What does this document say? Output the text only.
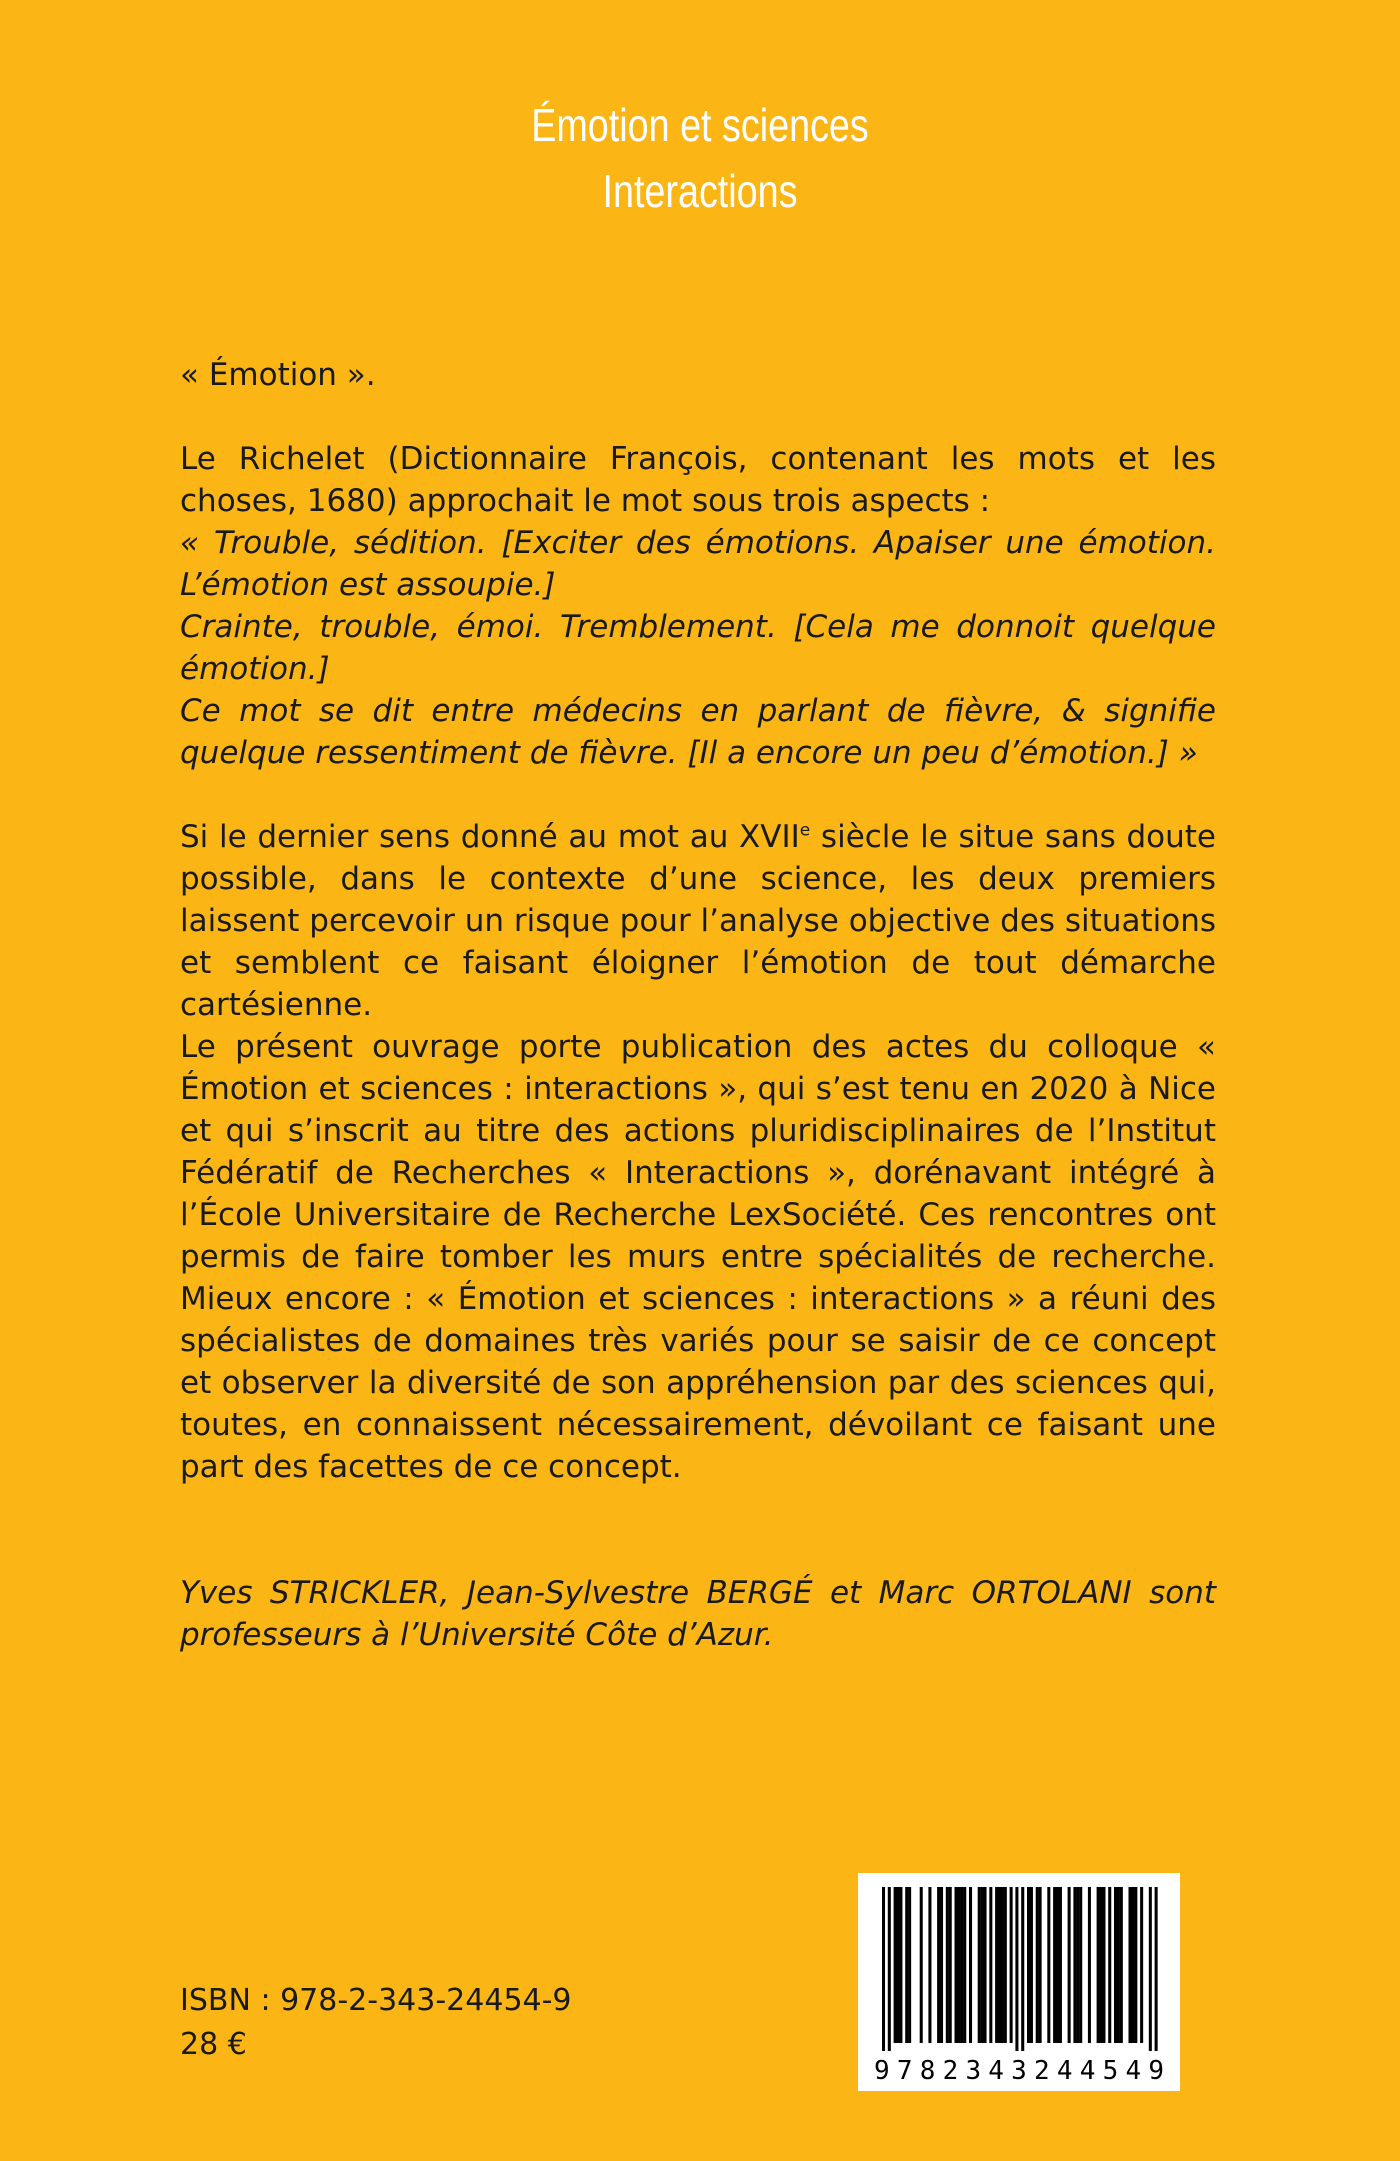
Émotion et sciences
Interactions

« Émotion ».

Le Richelet (Dictionnaire François, contenant les mots et les choses, 1680) approchait le mot sous trois aspects :

« Trouble, sédition. [Exciter des émotions. Apaiser une émotion.
L’émotion est assoupie.]
Crainte, trouble, émoi. Tremblement. [Cela me donnoit quelque émotion.]
Ce mot se dit entre médecins en parlant de fièvre, & signifie quelque ressentiment de fièvre. [Il a encore un peu d’émotion.] »

Si le dernier sens donné au mot au XVIIe siècle le situe sans doute possible, dans le contexte d’une science, les deux premiers laissent percevoir un risque pour l’analyse objective des situations et semblent ce faisant éloigner l’émotion de tout démarche cartésienne.

Le présent ouvrage porte publication des actes du colloque « Émotion et sciences : interactions », qui s’est tenu en 2020 à Nice et qui s’inscrit au titre des actions pluridisciplinaires de l’Institut Fédératif de Recherches « Interactions », dorénavant intégré à l’École Universitaire de Recherche LexSociété. Ces rencontres ont permis de faire tomber les murs entre spécialités de recherche. Mieux encore : « Émotion et sciences : interactions » a réuni des spécialistes de domaines très variés pour se saisir de ce concept et observer la diversité de son appréhension par des sciences qui, toutes, en connaissent nécessairement, dévoilant ce faisant une part des facettes de ce concept.

Yves STRICKLER, Jean-Sylvestre BERGÉ et Marc ORTOLANI sont professeurs à l’Université Côte d’Azur.

ISBN : 978-2-343-24454-9
28 €
9782343244549
